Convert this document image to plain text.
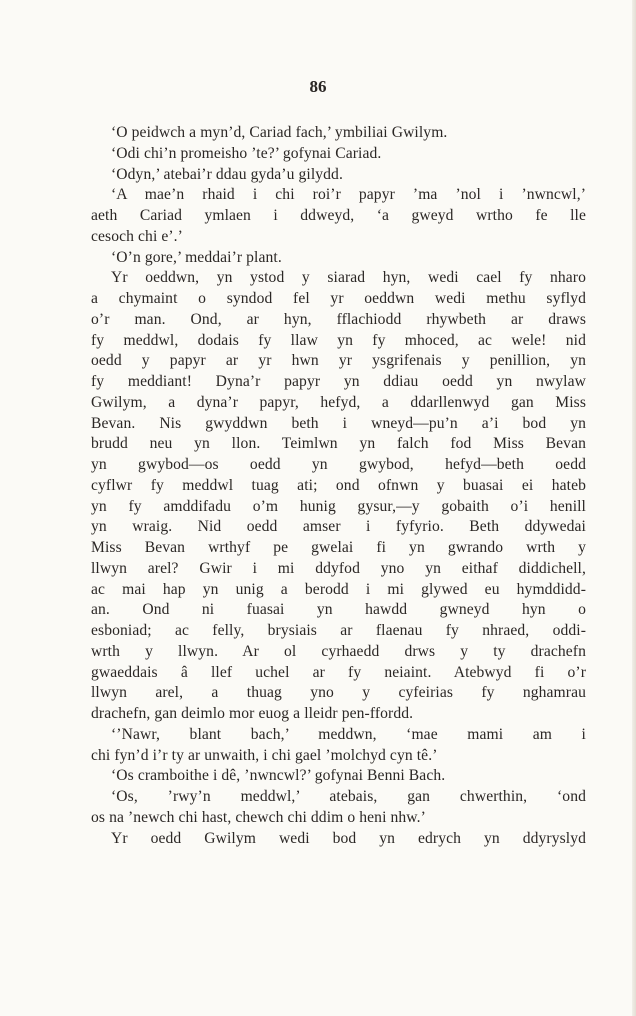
86
‘O peidwch a myn’d, Cariad fach,’ ymbiliai Gwilym.
‘Odi chi’n promeisho ’te?’ gofynai Cariad.
‘Odyn,’ atebai’r ddau gyda’u gilydd.
‘A mae’n rhaid i chi roi’r papyr ’ma ’nol i ’nwncwl,’
aeth Cariad ymlaen i ddweyd, ‘a gweyd wrtho fe lle
cesoch chi e’.’
‘O’n gore,’ meddai’r plant.
Yr oeddwn, yn ystod y siarad hyn, wedi cael fy nharo
a chymaint o syndod fel yr oeddwn wedi methu syflyd
o’r man. Ond, ar hyn, fflachiodd rhywbeth ar draws
fy meddwl, dodais fy llaw yn fy mhoced, ac wele! nid
oedd y papyr ar yr hwn yr ysgrifenais y penillion, yn
fy meddiant! Dyna’r papyr yn ddiau oedd yn nwylaw
Gwilym, a dyna’r papyr, hefyd, a ddarllenwyd gan Miss
Bevan. Nis gwyddwn beth i wneyd—pu’n a’i bod yn
brudd neu yn llon. Teimlwn yn falch fod Miss Bevan
yn gwybod—os oedd yn gwybod, hefyd—beth oedd
cyflwr fy meddwl tuag ati; ond ofnwn y buasai ei hateb
yn fy amddifadu o’m hunig gysur,—y gobaith o’i henill
yn wraig. Nid oedd amser i fyfyrio. Beth ddywedai
Miss Bevan wrthyf pe gwelai fi yn gwrando wrth y
llwyn arel? Gwir i mi ddyfod yno yn eithaf diddichell,
ac mai hap yn unig a berodd i mi glywed eu hymddidd-
an. Ond ni fuasai yn hawdd gwneyd hyn o
esboniad; ac felly, brysiais ar flaenau fy nhraed, oddi-
wrth y llwyn. Ar ol cyrhaedd drws y ty drachefn
gwaeddais â llef uchel ar fy neiaint. Atebwyd fi o’r
llwyn arel, a thuag yno y cyfeirias fy nghamrau
drachefn, gan deimlo mor euog a lleidr pen-ffordd.
‘’Nawr, blant bach,’ meddwn, ‘mae mami am i
chi fyn’d i’r ty ar unwaith, i chi gael ’molchyd cyn tê.’
‘Os cramboithe i dê, ’nwncwl?’ gofynai Benni Bach.
‘Os, ’rwy’n meddwl,’ atebais, gan chwerthin, ‘ond
os na ’newch chi hast, chewch chi ddim o heni nhw.’
Yr oedd Gwilym wedi bod yn edrych yn ddyryslyd
